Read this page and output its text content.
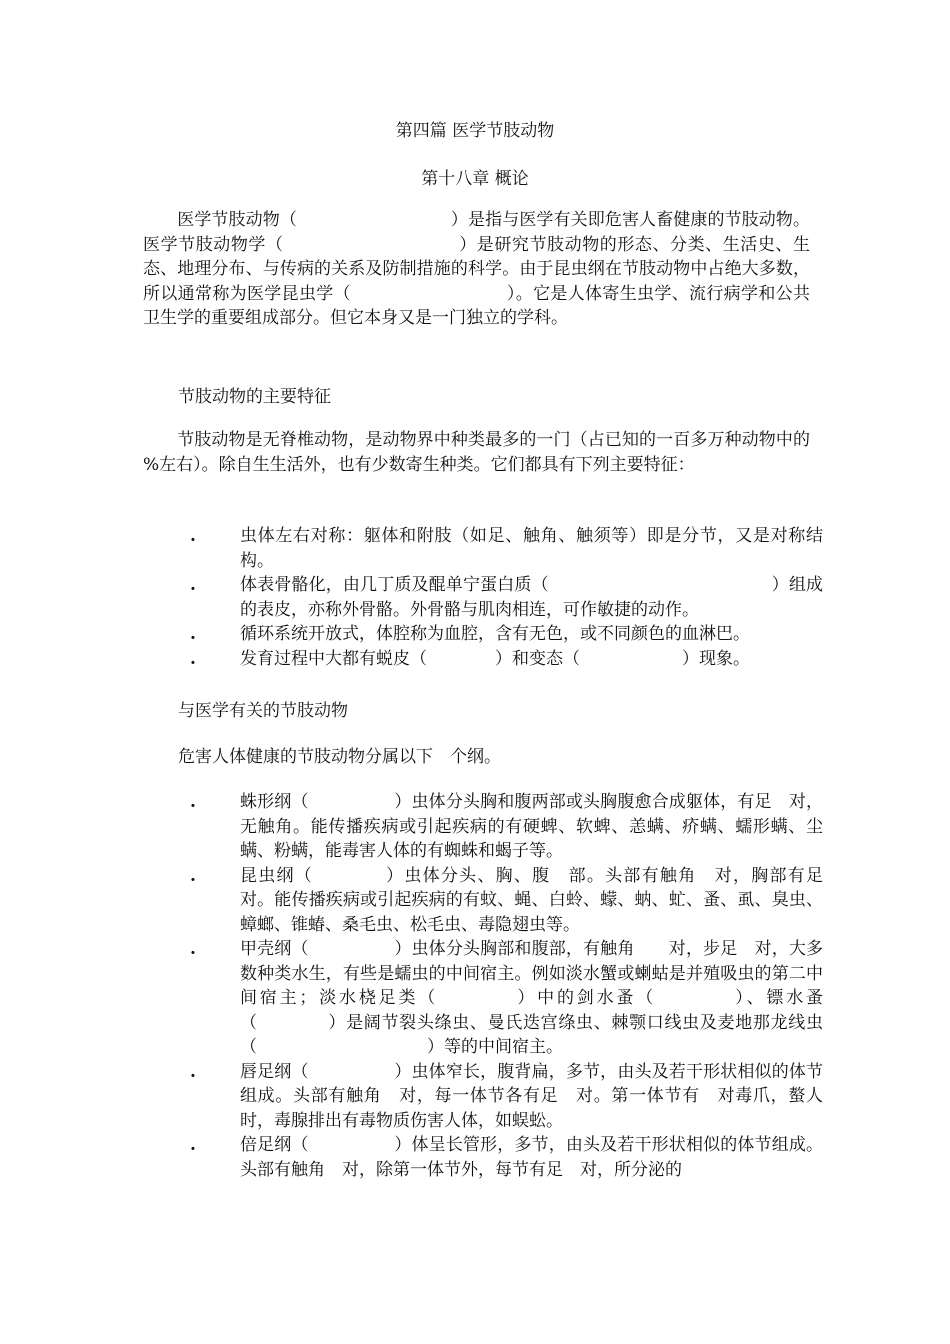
第四篇 医学节肢动物
第十八章 概论
　　医学节肢动物（　　　　　　　　　）是指与医学有关即危害人畜健康的节肢动物。医学节肢动物学（　　　　　　　　　　）是研究节肢动物的形态、分类、生活史、生态、地理分布、与传病的关系及防制措施的科学。由于昆虫纲在节肢动物中占绝大多数，所以通常称为医学昆虫学（　　　　　　　　　）。它是人体寄生虫学、流行病学和公共卫生学的重要组成部分。但它本身又是一门独立的学科。
节肢动物的主要特征
　　节肢动物是无脊椎动物，是动物界中种类最多的一门（占已知的一百多万种动物中的　　%左右）。除自生生活外，也有少数寄生种类。它们都具有下列主要特征：
.	虫体左右对称：躯体和附肢（如足、触角、触须等）即是分节，又是对称结构。
.	体表骨骼化，由几丁质及醌单宁蛋白质（　　　　　　　　　　　　　）组成的表皮，亦称外骨骼。外骨骼与肌肉相连，可作敏捷的动作。
.	循环系统开放式，体腔称为血腔，含有无色，或不同颜色的血淋巴。
.	发育过程中大都有蜕皮（　　　　）和变态（　　　　　　）现象。
与医学有关的节肢动物
危害人体健康的节肢动物分属以下　个纲。
.	蛛形纲（　　　　　）虫体分头胸和腹两部或头胸腹愈合成躯体，有足　对，无触角。能传播疾病或引起疾病的有硬蜱、软蜱、恙螨、疥螨、蠕形螨、尘螨、粉螨，能毒害人体的有蜘蛛和蝎子等。
.	昆虫纲（　　　　）虫体分头、胸、腹　部。头部有触角　对，胸部有足　对。能传播疾病或引起疾病的有蚊、蝇、白蛉、蠓、蚋、虻、蚤、虱、臭虫、蟑螂、锥蝽、桑毛虫、松毛虫、毒隐翅虫等。
.	甲壳纲（　　　　　）虫体分头胸部和腹部，有触角　　对，步足　对，大多数种类水生，有些是蠕虫的中间宿主。例如淡水蟹或蝲蛄是并殖吸虫的第二中间宿主；淡水桡足类（　　　　）中的剑水蚤（　　　　）、镖水蚤（　　　　）是阔节裂头绦虫、曼氏迭宫绦虫、棘颚口线虫及麦地那龙线虫（　　　　　　　　　　）等的中间宿主。
.	唇足纲（　　　　　）虫体窄长，腹背扁，多节，由头及若干形状相似的体节组成。头部有触角　对，每一体节各有足　对。第一体节有　对毒爪，螯人时，毒腺排出有毒物质伤害人体，如蜈蚣。
.	倍足纲（　　　　　）体呈长管形，多节，由头及若干形状相似的体节组成。头部有触角　对，除第一体节外，每节有足　对，所分泌的
